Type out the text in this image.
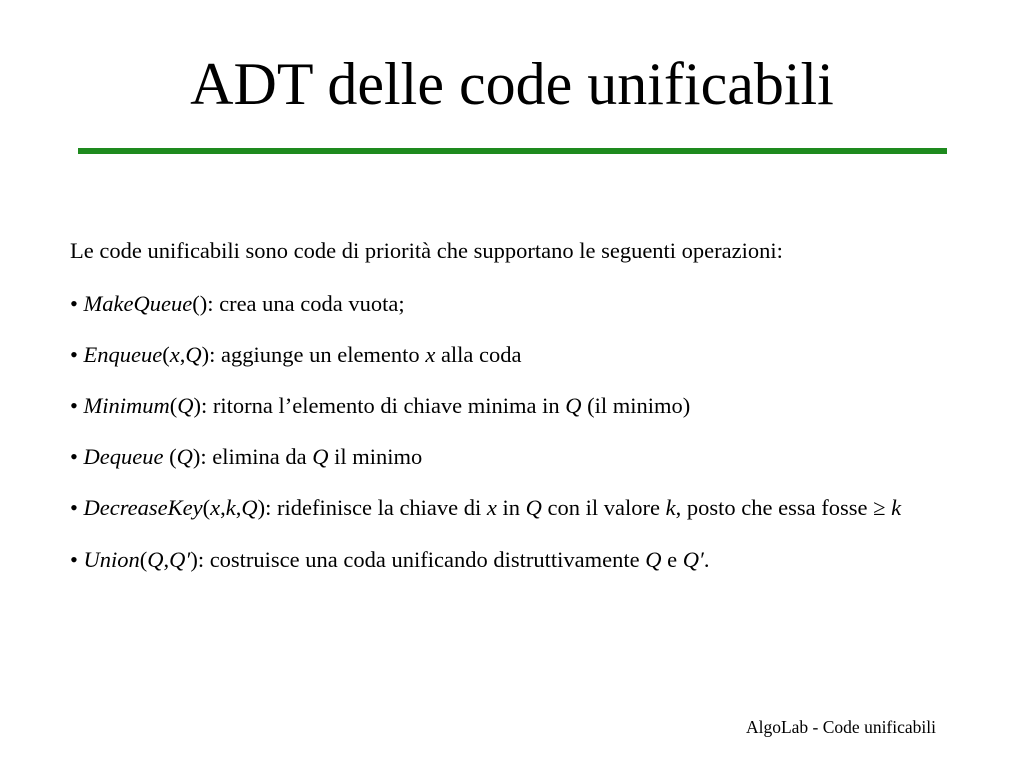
ADT delle code unificabili

Le code unificabili sono code di priorità che supportano le seguenti operazioni:

• MakeQueue(): crea una coda vuota;

• Enqueue(x,Q): aggiunge un elemento x alla coda

• Minimum(Q): ritorna l’elemento di chiave minima in Q (il minimo)

• Dequeue (Q): elimina da Q il minimo

• DecreaseKey(x,k,Q): ridefinisce la chiave di x in Q con il valore k, posto che essa fosse ≥ k

• Union(Q,Q′): costruisce una coda unificando distruttivamente Q e Q′.

AlgoLab - Code unificabili
